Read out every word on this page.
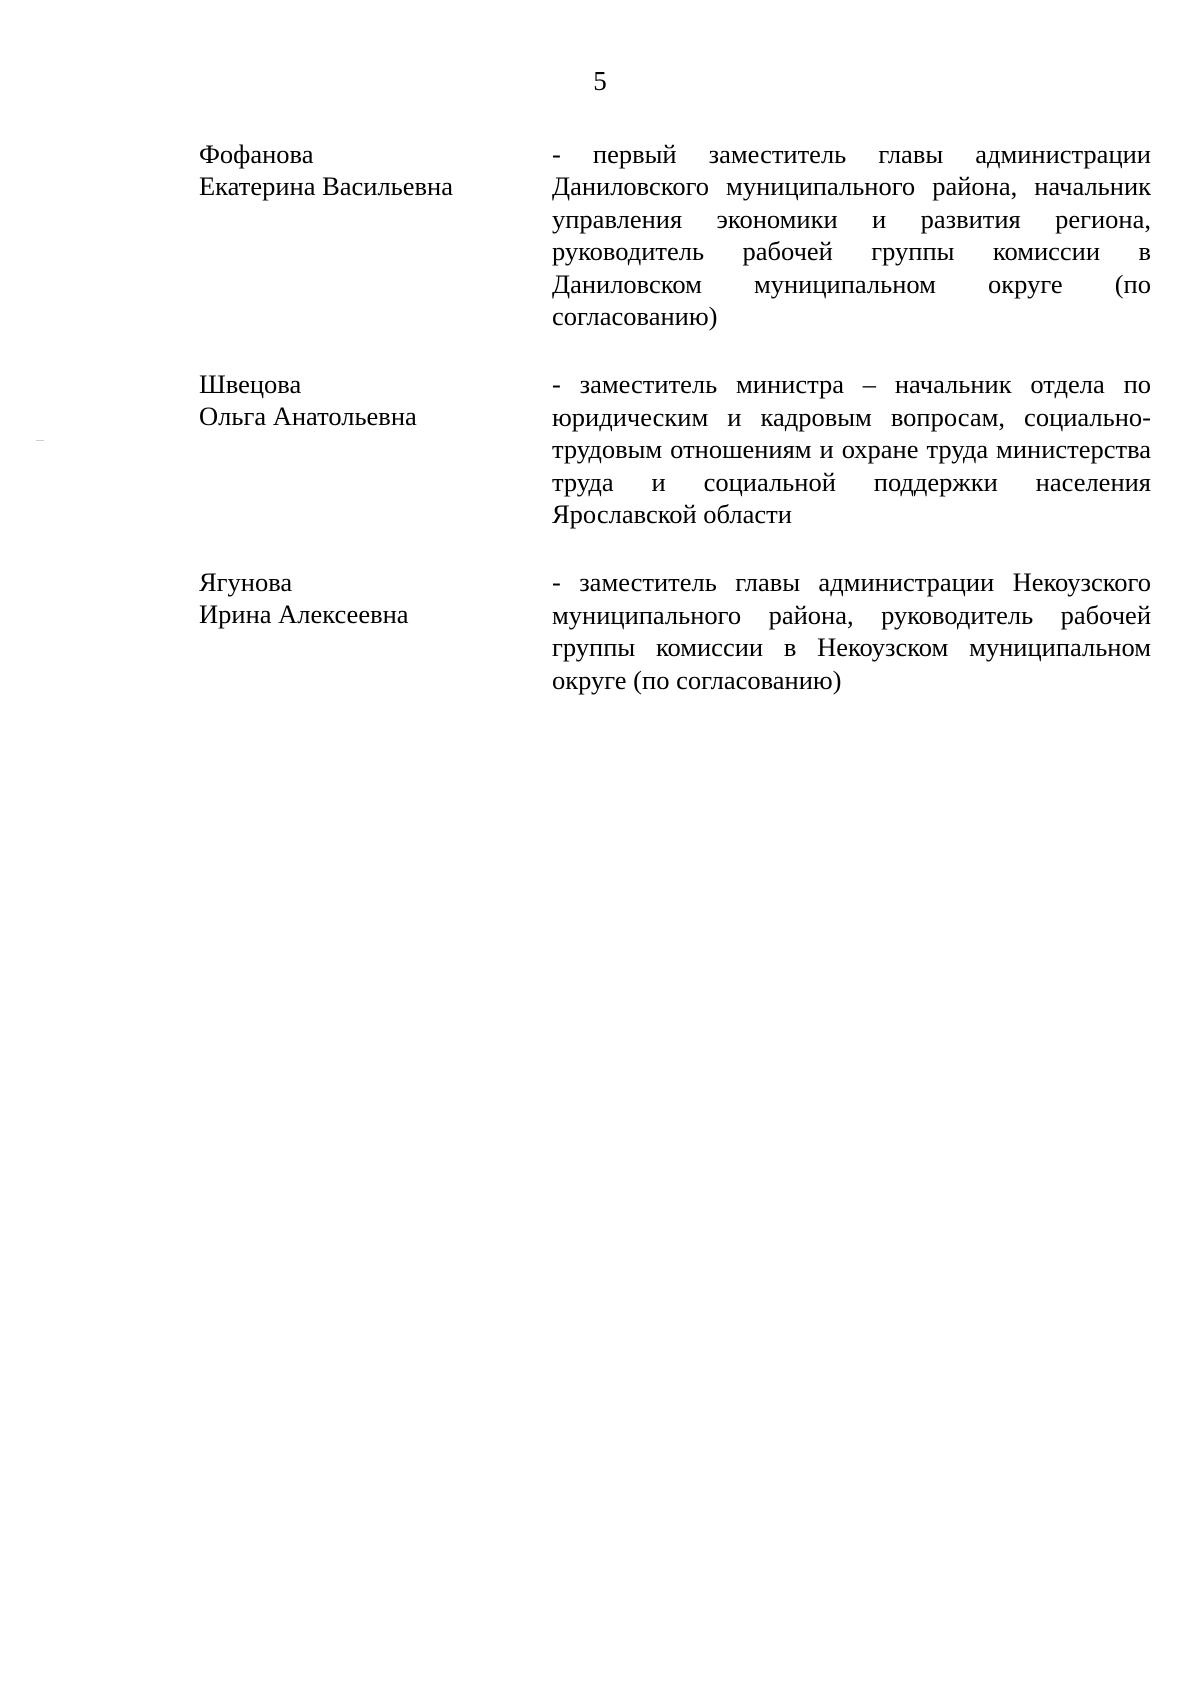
5
Фофанова
Екатерина Васильевна
- первый заместитель главы администрации Даниловского муниципального района, начальник управления экономики и развития региона, руководитель рабочей группы комиссии в Даниловском муниципальном округе (по согласованию)
Швецова
Ольга Анатольевна
- заместитель министра – начальник отдела по юридическим и кадровым вопросам, социально-трудовым отношениям и охране труда министерства труда и социальной поддержки населения Ярославской области
Ягунова
Ирина Алексеевна
- заместитель главы администрации Некоузского муниципального района, руководитель рабочей группы комиссии в Некоузском муниципальном округе (по согласованию)
